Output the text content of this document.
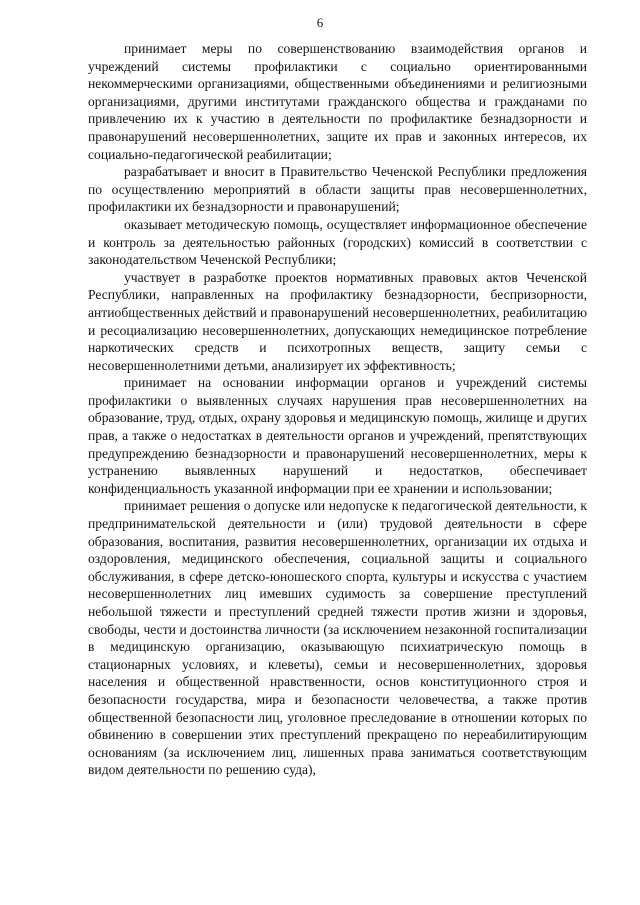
6

принимает меры по совершенствованию взаимодействия органов и учреждений системы профилактики с социально ориентированными некоммерческими организациями, общественными объединениями и религиозными организациями, другими институтами гражданского общества и гражданами по привлечению их к участию в деятельности по профилактике безнадзорности и правонарушений несовершеннолетних, защите их прав и законных интересов, их социально-педагогической реабилитации;

разрабатывает и вносит в Правительство Чеченской Республики предложения по осуществлению мероприятий в области защиты прав несовершеннолетних, профилактики их безнадзорности и правонарушений;

оказывает методическую помощь, осуществляет информационное обеспечение и контроль за деятельностью районных (городских) комиссий в соответствии с законодательством Чеченской Республики;

участвует в разработке проектов нормативных правовых актов Чеченской Республики, направленных на профилактику безнадзорности, беспризорности, антиобщественных действий и правонарушений несовершеннолетних, реабилитацию и ресоциализацию несовершеннолетних, допускающих немедицинское потребление наркотических средств и психотропных веществ, защиту семьи с несовершеннолетними детьми, анализирует их эффективность;

принимает на основании информации органов и учреждений системы профилактики о выявленных случаях нарушения прав несовершеннолетних на образование, труд, отдых, охрану здоровья и медицинскую помощь, жилище и других прав, а также о недостатках в деятельности органов и учреждений, препятствующих предупреждению безнадзорности и правонарушений несовершеннолетних, меры к устранению выявленных нарушений и недостатков, обеспечивает конфиденциальность указанной информации при ее хранении и использовании;

принимает решения о допуске или недопуске к педагогической деятельности, к предпринимательской деятельности и (или) трудовой деятельности в сфере образования, воспитания, развития несовершеннолетних, организации их отдыха и оздоровления, медицинского обеспечения, социальной защиты и социального обслуживания, в сфере детско-юношеского спорта, культуры и искусства с участием несовершеннолетних лиц имевших судимость за совершение преступлений небольшой тяжести и преступлений средней тяжести против жизни и здоровья, свободы, чести и достоинства личности (за исключением незаконной госпитализации в медицинскую организацию, оказывающую психиатрическую помощь в стационарных условиях, и клеветы), семьи и несовершеннолетних, здоровья населения и общественной нравственности, основ конституционного строя и безопасности государства, мира и безопасности человечества, а также против общественной безопасности лиц, уголовное преследование в отношении которых по обвинению в совершении этих преступлений прекращено по нереабилитирующим основаниям (за исключением лиц, лишенных права заниматься соответствующим видом деятельности по решению суда),
